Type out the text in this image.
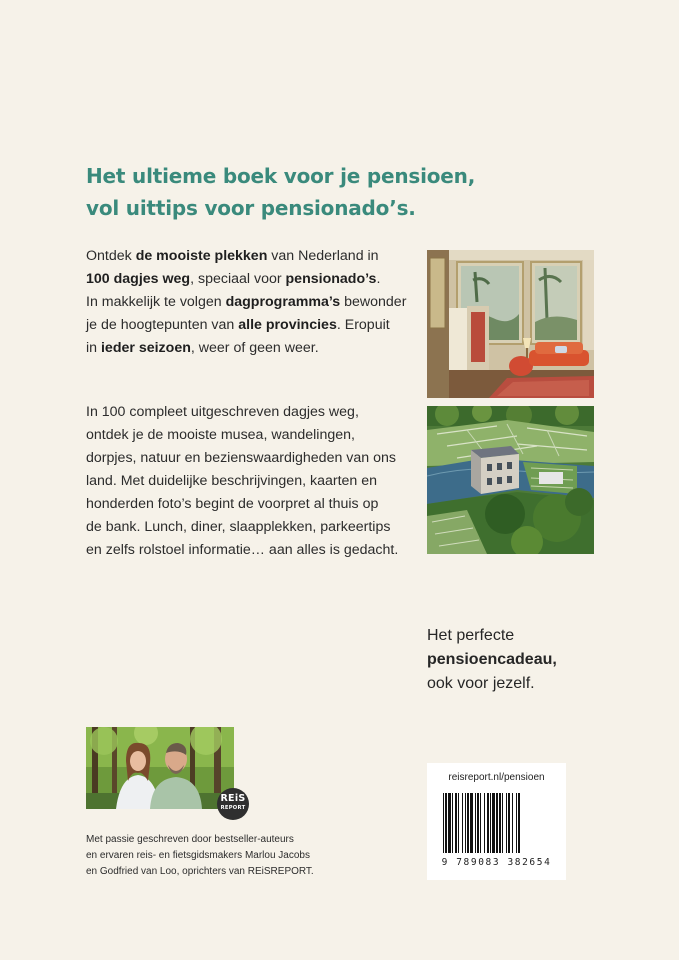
Het ultieme boek voor je pensioen,
vol uittips voor pensionado’s.
Ontdek de mooiste plekken van Nederland in
100 dagjes weg, speciaal voor pensionado’s.
In makkelijk te volgen dagprogramma’s bewonder
je de hoogtepunten van alle provincies. Eropuit
in ieder seizoen, weer of geen weer.
In 100 compleet uitgeschreven dagjes weg,
ontdek je de mooiste musea, wandelingen,
dorpjes, natuur en bezienswaardigheden van ons
land. Met duidelijke beschrijvingen, kaarten en
honderden foto’s begint de voorpret al thuis op
de bank. Lunch, diner, slaapplekken, parkeertips
en zelfs rolstoel informatie… aan alles is gedacht.
Het perfecte
pensioencadeau,
ook voor jezelf.
REiS
REPORT
Met passie geschreven door bestseller-auteurs
en ervaren reis- en fietsgidsmakers Marlou Jacobs
en Godfried van Loo, oprichters van REiSREPORT.
reisreport.nl/pensioen
9 789083 382654
